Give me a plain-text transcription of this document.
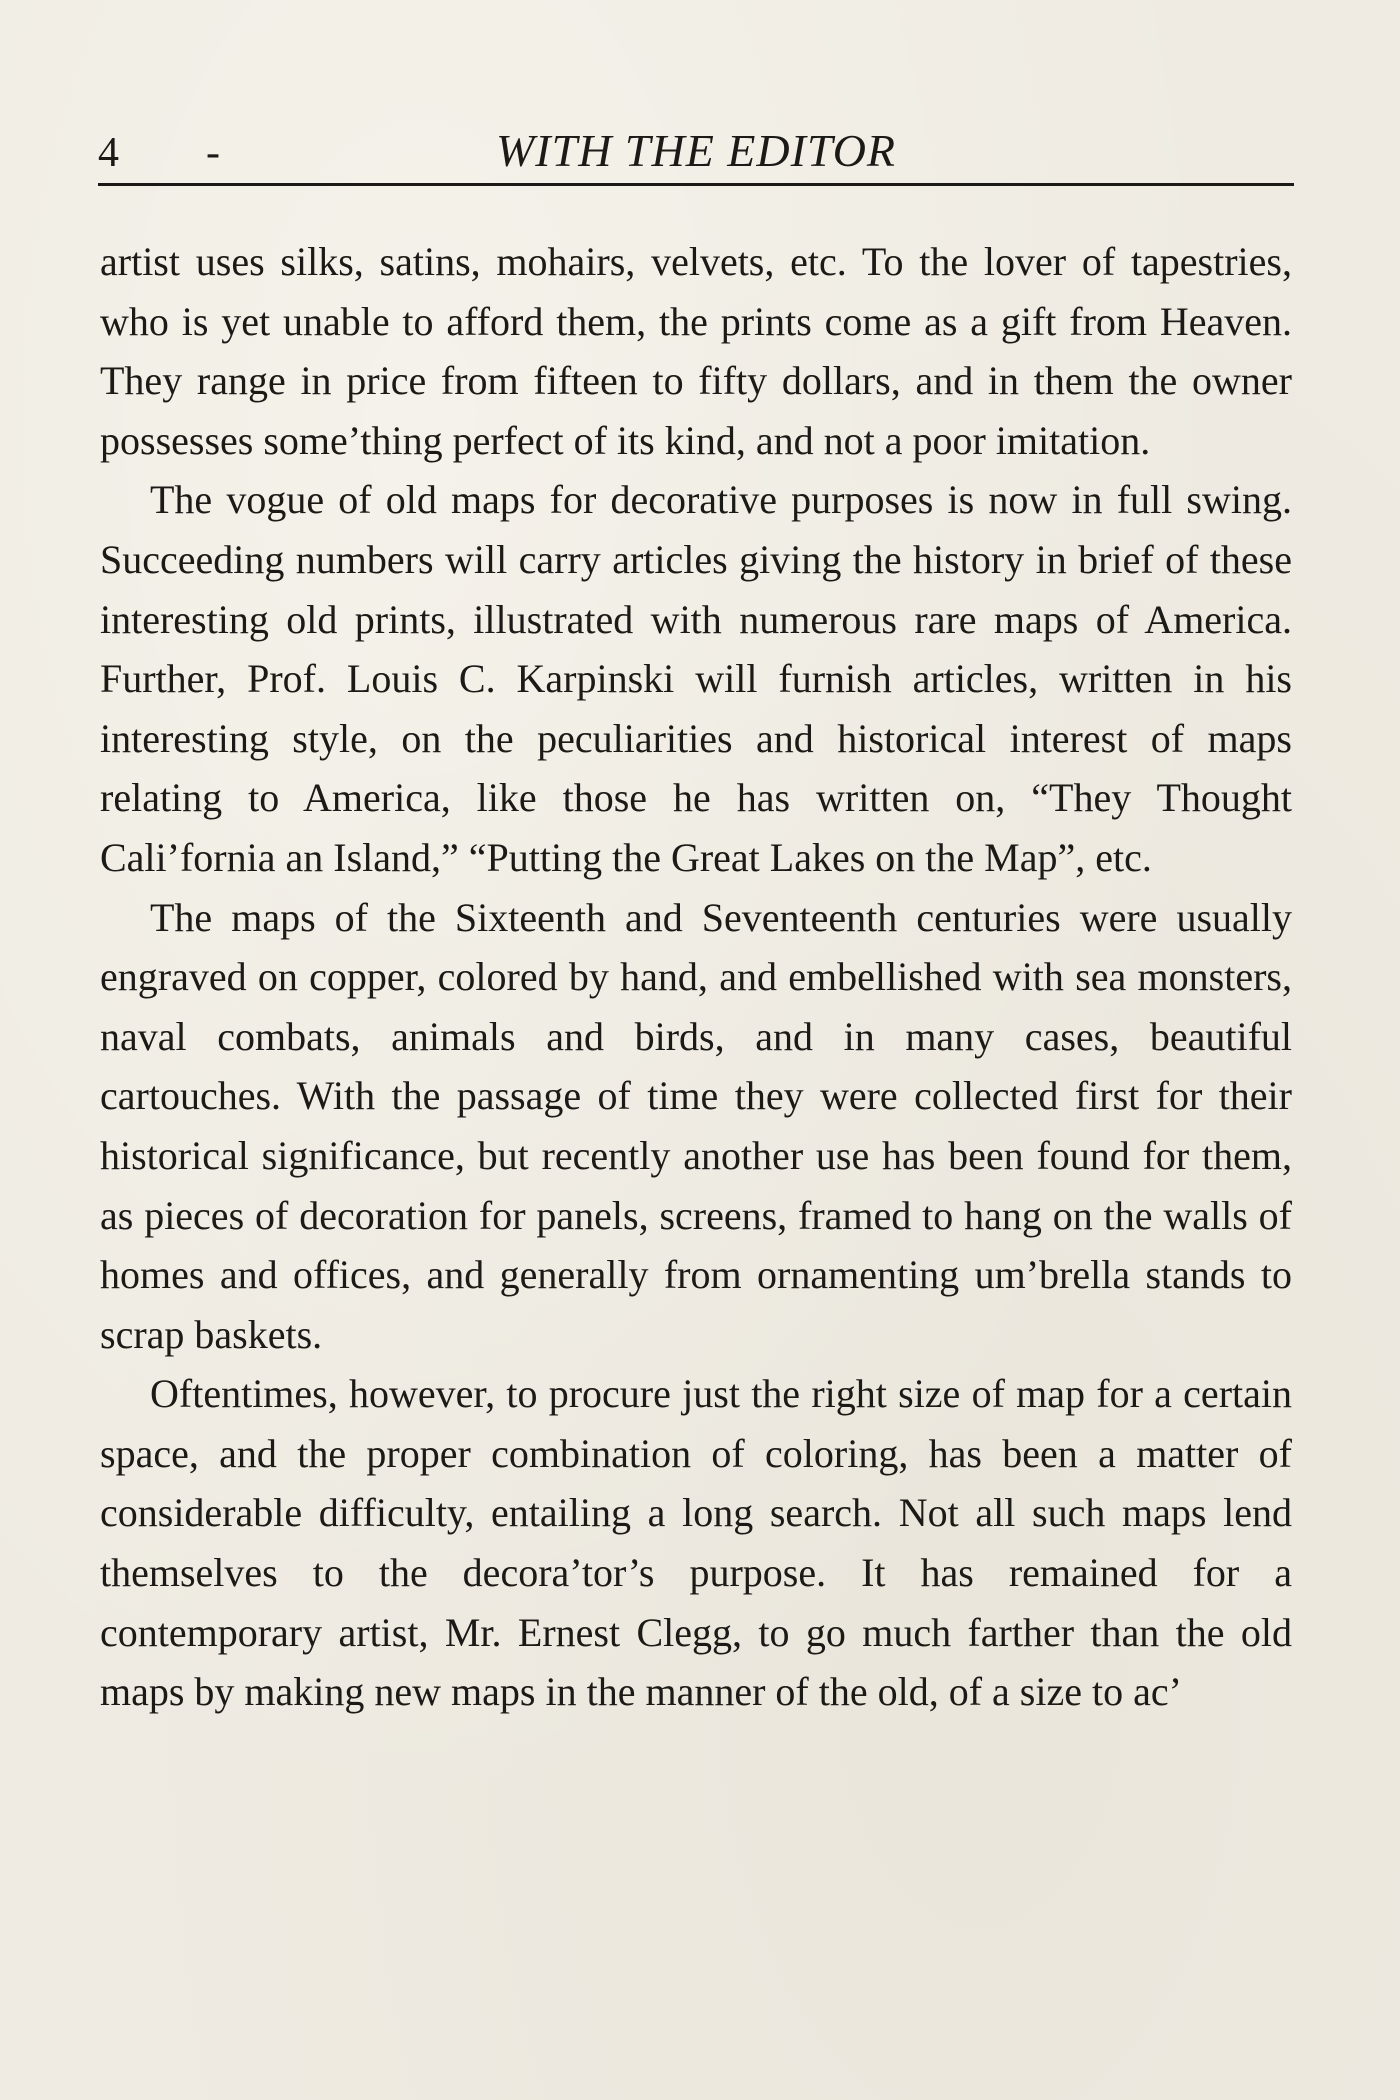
4 -	WITH THE EDITOR

artist uses silks, satins, mohairs, velvets, etc. To the lover of tapestries, who is yet unable to afford them, the prints come as a gift from Heaven. They range in price from fifteen to fifty dollars, and in them the owner possesses some’thing perfect of its kind, and not a poor imitation.

The vogue of old maps for decorative purposes is now in full swing. Succeeding numbers will carry articles giving the history in brief of these interesting old prints, illustrated with numerous rare maps of America. Further, Prof. Louis C. Karpinski will furnish articles, written in his interesting style, on the peculiarities and historical interest of maps relating to America, like those he has written on, “They Thought Cali’fornia an Island,” “Putting the Great Lakes on the Map”, etc.

The maps of the Sixteenth and Seventeenth centuries were usually engraved on copper, colored by hand, and embellished with sea monsters, naval combats, animals and birds, and in many cases, beautiful cartouches. With the passage of time they were collected first for their historical significance, but recently another use has been found for them, as pieces of decoration for panels, screens, framed to hang on the walls of homes and offices, and generally from ornamenting um’brella stands to scrap baskets.

Oftentimes, however, to procure just the right size of map for a certain space, and the proper combination of coloring, has been a matter of considerable difficulty, entailing a long search. Not all such maps lend themselves to the decora’tor’s purpose. It has remained for a contemporary artist, Mr. Ernest Clegg, to go much farther than the old maps by making new maps in the manner of the old, of a size to ac’
